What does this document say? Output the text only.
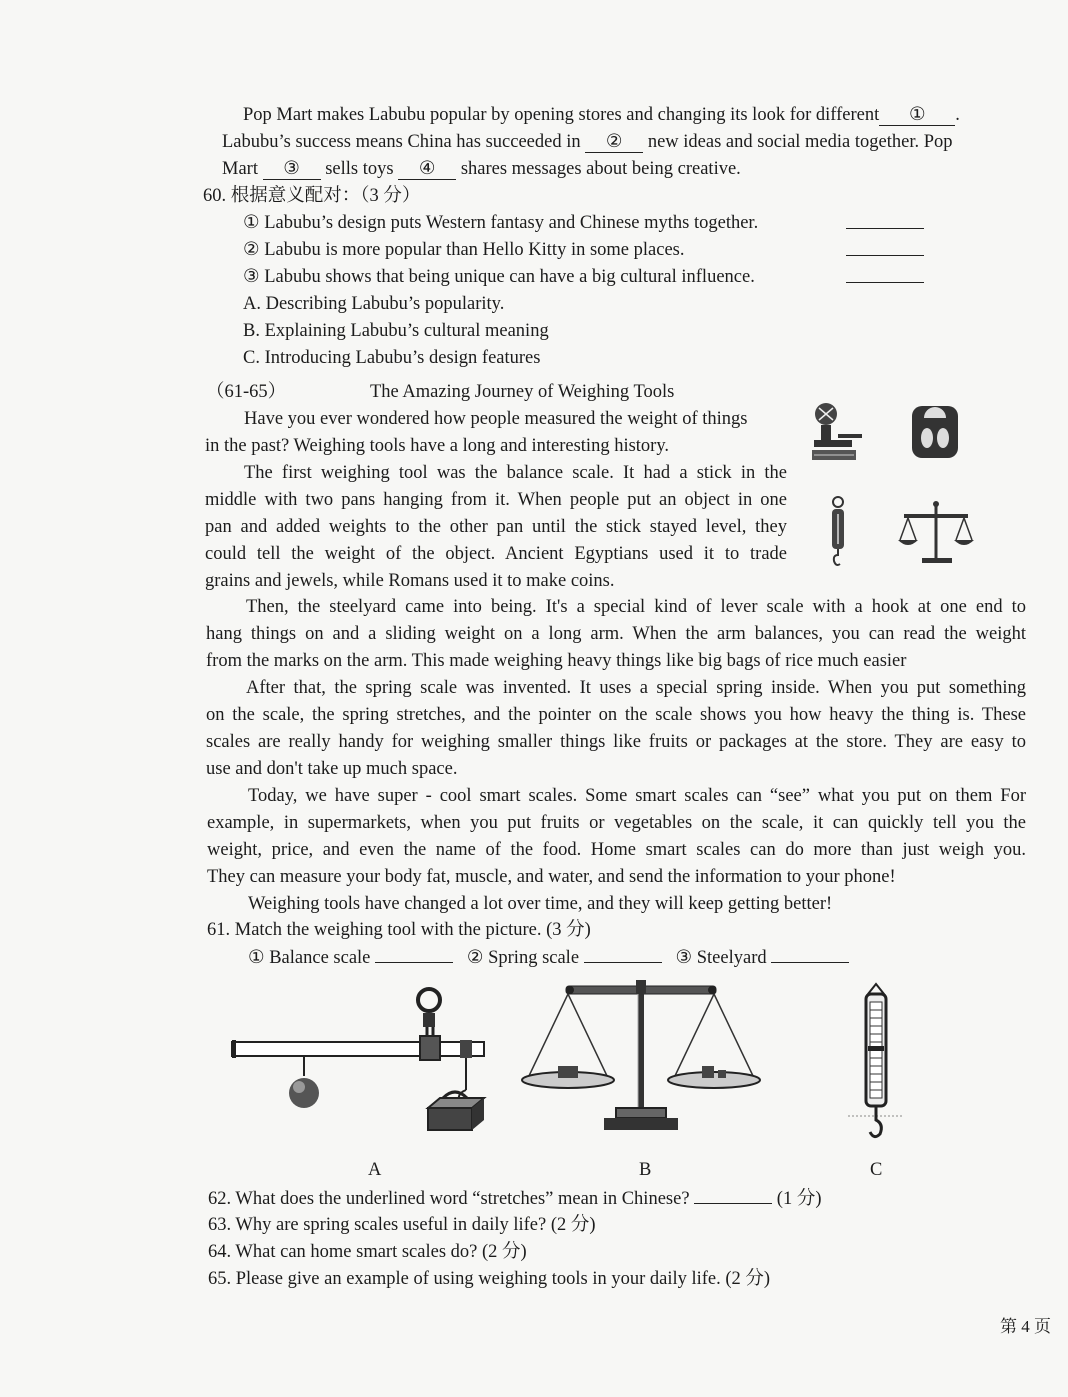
Pop Mart makes Labubu popular by opening stores and changing its look for different ① .
Labubu’s success means China has succeeded in ② new ideas and social media together. Pop
Mart ③ sells toys ④ shares messages about being creative.
60. 根据意义配对：（3 分）
① Labubu’s design puts Western fantasy and Chinese myths together.
② Labubu is more popular than Hello Kitty in some places.
③ Labubu shows that being unique can have a big cultural influence.
A. Describing Labubu’s popularity.
B. Explaining Labubu’s cultural meaning
C. Introducing Labubu’s design features
（61-65）	The Amazing Journey of Weighing Tools
Have you ever wondered how people measured the weight of things
in the past? Weighing tools have a long and interesting history.
The first weighing tool was the balance scale. It had a stick in the
middle with two pans hanging from it. When people put an object in one
pan and added weights to the other pan until the stick stayed level, they
could tell the weight of the object. Ancient Egyptians used it to trade
grains and jewels, while Romans used it to make coins.
Then, the steelyard came into being. It's a special kind of lever scale with a hook at one end to
hang things on and a sliding weight on a long arm. When the arm balances, you can read the weight
from the marks on the arm. This made weighing heavy things like big bags of rice much easier
After that, the spring scale was invented. It uses a special spring inside. When you put something
on the scale, the spring stretches, and the pointer on the scale shows you how heavy the thing is. These
scales are really handy for weighing smaller things like fruits or packages at the store. They are easy to
use and don't take up much space.
Today, we have super - cool smart scales. Some smart scales can “see” what you put on them For
example, in supermarkets, when you put fruits or vegetables on the scale, it can quickly tell you the
weight, price, and even the name of the food. Home smart scales can do more than just weigh you.
They can measure your body fat, muscle, and water, and send the information to your phone!
Weighing tools have changed a lot over time, and they will keep getting better!
61. Match the weighing tool with the picture. (3 分)
① Balance scale	② Spring scale	③ Steelyard
A	B	C
62. What does the underlined word “stretches” mean in Chinese?	(1 分)
63. Why are spring scales useful in daily life? (2 分)
64. What can home smart scales do? (2 分)
65. Please give an example of using weighing tools in your daily life. (2 分)
第 4 页
